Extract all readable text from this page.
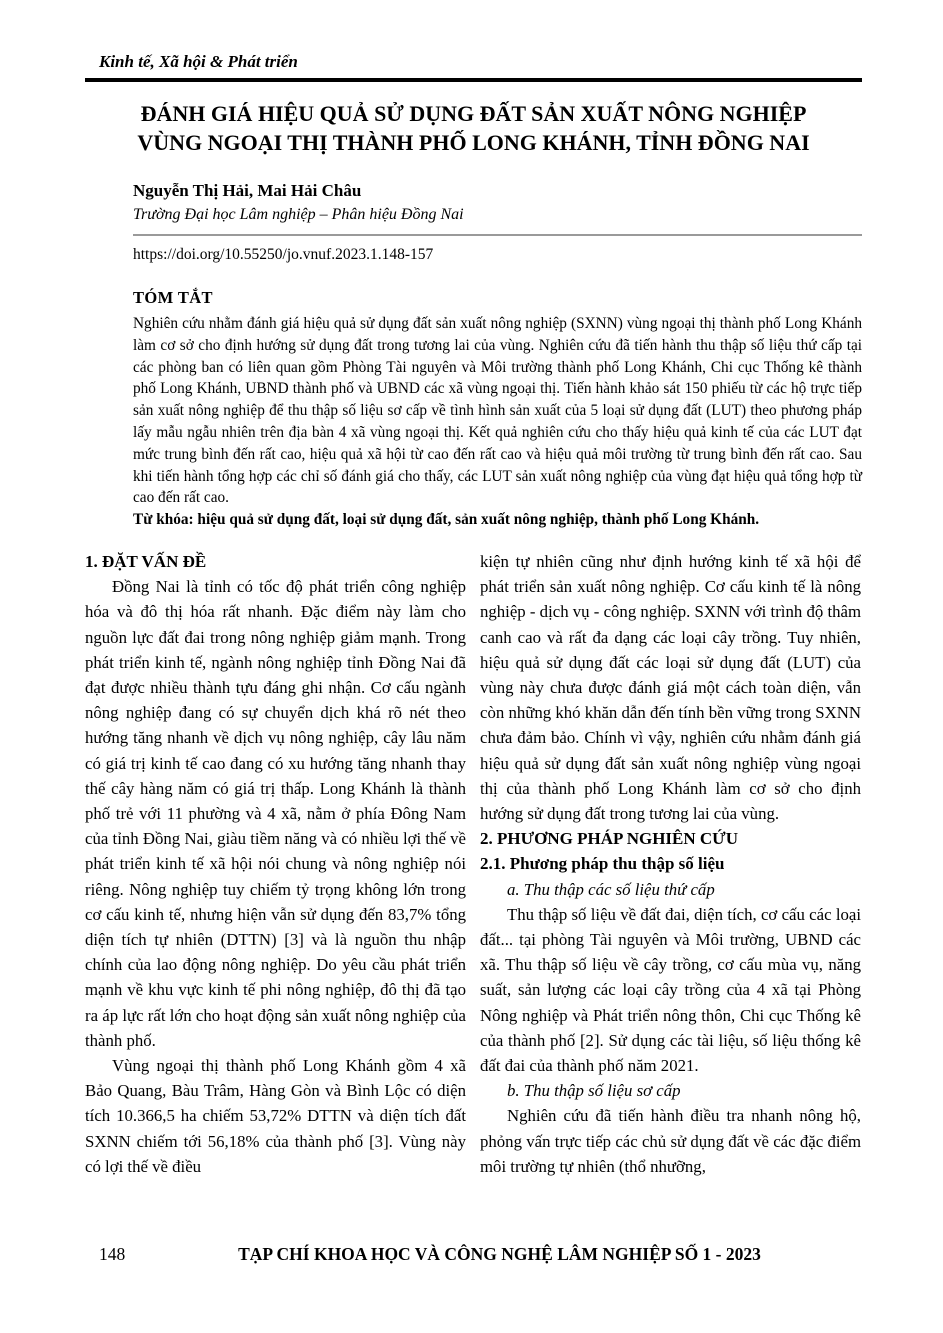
Kinh tế, Xã hội & Phát triển
ĐÁNH GIÁ HIỆU QUẢ SỬ DỤNG ĐẤT SẢN XUẤT NÔNG NGHIỆP
VÙNG NGOẠI THỊ THÀNH PHỐ LONG KHÁNH, TỈNH ĐỒNG NAI
Nguyễn Thị Hải, Mai Hải Châu
Trường Đại học Lâm nghiệp – Phân hiệu Đồng Nai
https://doi.org/10.55250/jo.vnuf.2023.1.148-157
TÓM TẮT
Nghiên cứu nhằm đánh giá hiệu quả sử dụng đất sản xuất nông nghiệp (SXNN) vùng ngoại thị thành phố Long Khánh làm cơ sở cho định hướng sử dụng đất trong tương lai của vùng. Nghiên cứu đã tiến hành thu thập số liệu thứ cấp tại các phòng ban có liên quan gồm Phòng Tài nguyên và Môi trường thành phố Long Khánh, Chi cục Thống kê thành phố Long Khánh, UBND thành phố và UBND các xã vùng ngoại thị. Tiến hành khảo sát 150 phiếu từ các hộ trực tiếp sản xuất nông nghiệp để thu thập số liệu sơ cấp về tình hình sản xuất của 5 loại sử dụng đất (LUT) theo phương pháp lấy mẫu ngẫu nhiên trên địa bàn 4 xã vùng ngoại thị. Kết quả nghiên cứu cho thấy hiệu quả kinh tế của các LUT đạt mức trung bình đến rất cao, hiệu quả xã hội từ cao đến rất cao và hiệu quả môi trường từ trung bình đến rất cao. Sau khi tiến hành tổng hợp các chỉ số đánh giá cho thấy, các LUT sản xuất nông nghiệp của vùng đạt hiệu quả tổng hợp từ cao đến rất cao.
Từ khóa: hiệu quả sử dụng đất, loại sử dụng đất, sản xuất nông nghiệp, thành phố Long Khánh.
1. ĐẶT VẤN ĐỀ

Đồng Nai là tỉnh có tốc độ phát triển công nghiệp hóa và đô thị hóa rất nhanh. Đặc điểm này làm cho nguồn lực đất đai trong nông nghiệp giảm mạnh. Trong phát triển kinh tế, ngành nông nghiệp tỉnh Đồng Nai đã đạt được nhiều thành tựu đáng ghi nhận. Cơ cấu ngành nông nghiệp đang có sự chuyển dịch khá rõ nét theo hướng tăng nhanh về dịch vụ nông nghiệp, cây lâu năm có giá trị kinh tế cao đang có xu hướng tăng nhanh thay thế cây hàng năm có giá trị thấp. Long Khánh là thành phố trẻ với 11 phường và 4 xã, nằm ở phía Đông Nam của tỉnh Đồng Nai, giàu tiềm năng và có nhiều lợi thế về phát triển kinh tế xã hội nói chung và nông nghiệp nói riêng. Nông nghiệp tuy chiếm tỷ trọng không lớn trong cơ cấu kinh tế, nhưng hiện vẫn sử dụng đến 83,7% tổng diện tích tự nhiên (DTTN) [3] và là nguồn thu nhập chính của lao động nông nghiệp. Do yêu cầu phát triển mạnh về khu vực kinh tế phi nông nghiệp, đô thị đã tạo ra áp lực rất lớn cho hoạt động sản xuất nông nghiệp của thành phố.

Vùng ngoại thị thành phố Long Khánh gồm 4 xã Bảo Quang, Bàu Trâm, Hàng Gòn và Bình Lộc có diện tích 10.366,5 ha chiếm 53,72% DTTN và diện tích đất SXNN chiếm tới 56,18% của thành phố [3]. Vùng này có lợi thế về điều

kiện tự nhiên cũng như định hướng kinh tế xã hội để phát triển sản xuất nông nghiệp. Cơ cấu kinh tế là nông nghiệp - dịch vụ - công nghiệp. SXNN với trình độ thâm canh cao và rất đa dạng các loại cây trồng. Tuy nhiên, hiệu quả sử dụng đất các loại sử dụng đất (LUT) của vùng này chưa được đánh giá một cách toàn diện, vẫn còn những khó khăn dẫn đến tính bền vững trong SXNN chưa đảm bảo. Chính vì vậy, nghiên cứu nhằm đánh giá hiệu quả sử dụng đất sản xuất nông nghiệp vùng ngoại thị của thành phố Long Khánh làm cơ sở cho định hướng sử dụng đất trong tương lai của vùng.

2. PHƯƠNG PHÁP NGHIÊN CỨU
2.1. Phương pháp thu thập số liệu
a. Thu thập các số liệu thứ cấp

Thu thập số liệu về đất đai, diện tích, cơ cấu các loại đất... tại phòng Tài nguyên và Môi trường, UBND các xã. Thu thập số liệu về cây trồng, cơ cấu mùa vụ, năng suất, sản lượng các loại cây trồng của 4 xã tại Phòng Nông nghiệp và Phát triển nông thôn, Chi cục Thống kê của thành phố [2]. Sử dụng các tài liệu, số liệu thống kê đất đai của thành phố năm 2021.

b. Thu thập số liệu sơ cấp

Nghiên cứu đã tiến hành điều tra nhanh nông hộ, phỏng vấn trực tiếp các chủ sử dụng đất về các đặc điểm môi trường tự nhiên (thổ nhưỡng,

148	TẠP CHÍ KHOA HỌC VÀ CÔNG NGHỆ LÂM NGHIỆP SỐ 1 - 2023
